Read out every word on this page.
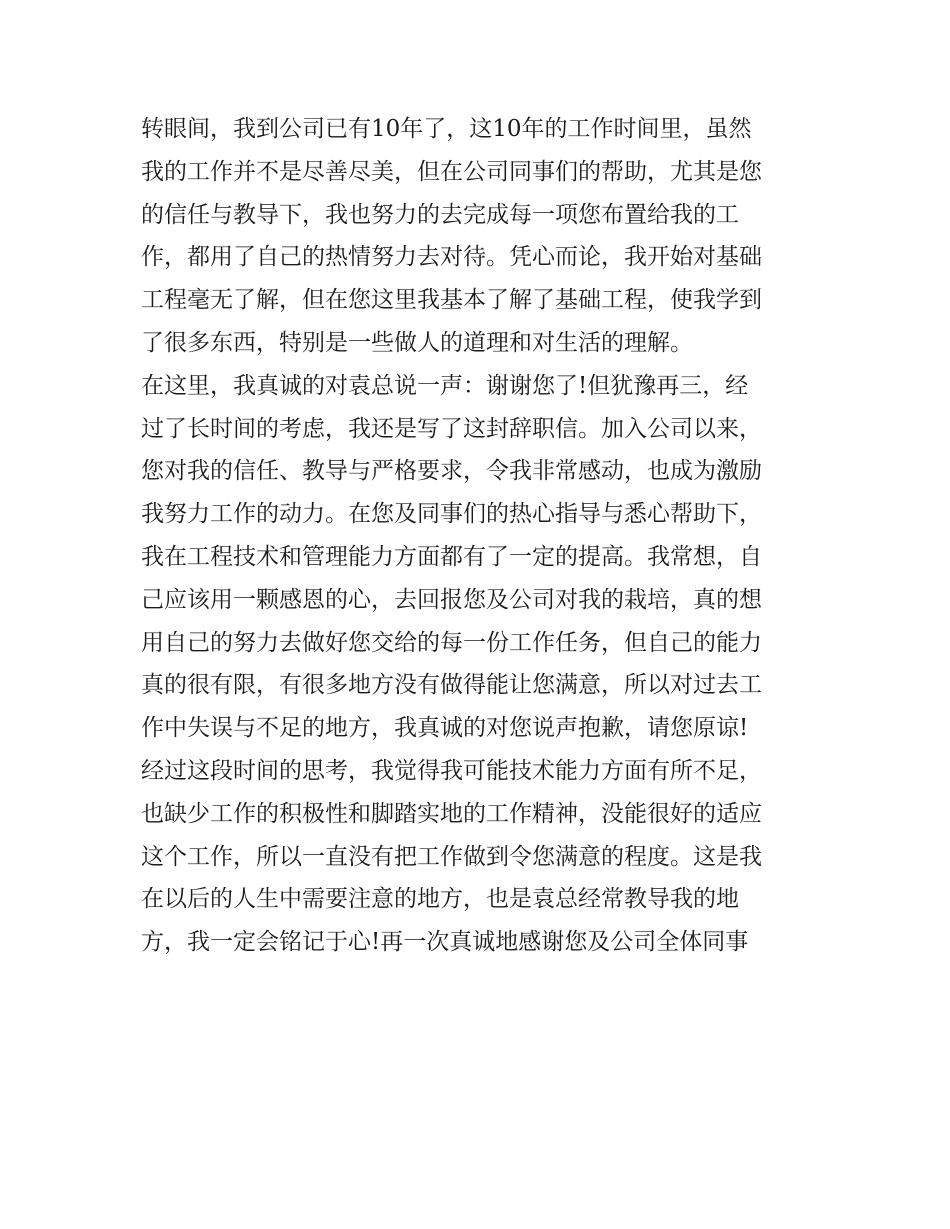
转眼间，我到公司已有10年了，这10年的工作时间里，虽然
我的工作并不是尽善尽美，但在公司同事们的帮助，尤其是您
的信任与教导下，我也努力的去完成每一项您布置给我的工
作，都用了自己的热情努力去对待。凭心而论，我开始对基础
工程毫无了解，但在您这里我基本了解了基础工程，使我学到
了很多东西，特别是一些做人的道理和对生活的理解。
在这里，我真诚的对袁总说一声：谢谢您了!但犹豫再三，经
过了长时间的考虑，我还是写了这封辞职信。加入公司以来，
您对我的信任、教导与严格要求，令我非常感动，也成为激励
我努力工作的动力。在您及同事们的热心指导与悉心帮助下，
我在工程技术和管理能力方面都有了一定的提高。我常想，自
己应该用一颗感恩的心，去回报您及公司对我的栽培，真的想
用自己的努力去做好您交给的每一份工作任务，但自己的能力
真的很有限，有很多地方没有做得能让您满意，所以对过去工
作中失误与不足的地方，我真诚的对您说声抱歉，请您原谅!
经过这段时间的思考，我觉得我可能技术能力方面有所不足，
也缺少工作的积极性和脚踏实地的工作精神，没能很好的适应
这个工作，所以一直没有把工作做到令您满意的程度。这是我
在以后的人生中需要注意的地方，也是袁总经常教导我的地
方，我一定会铭记于心!再一次真诚地感谢您及公司全体同事
